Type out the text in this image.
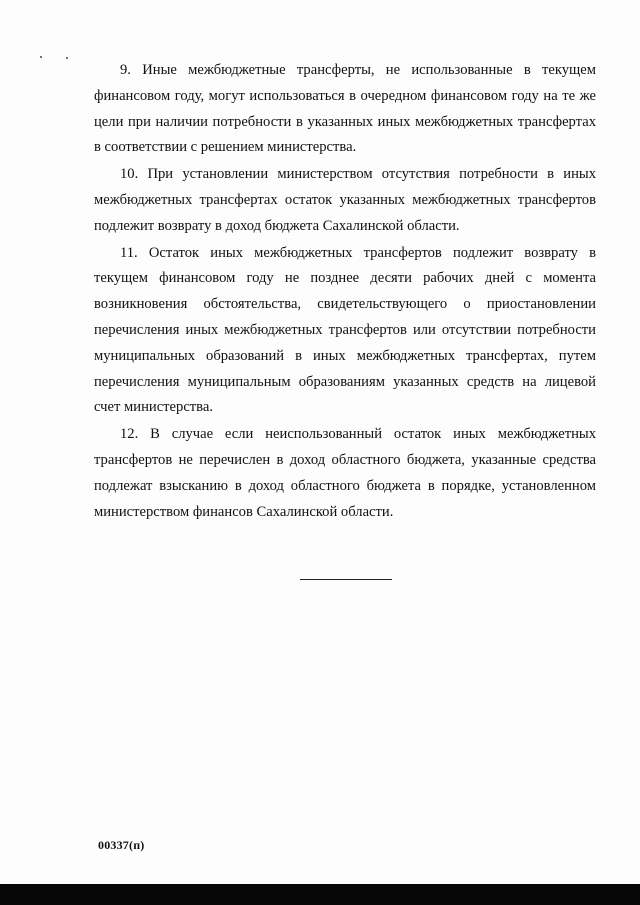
9. Иные межбюджетные трансферты, не использованные в текущем финансовом году, могут использоваться в очередном финансовом году на те же цели при наличии потребности в указанных иных межбюджетных трансфертах в соответствии с решением министерства.

10. При установлении министерством отсутствия потребности в иных межбюджетных трансфертах остаток указанных межбюджетных трансфертов подлежит возврату в доход бюджета Сахалинской области.

11. Остаток иных межбюджетных трансфертов подлежит возврату в текущем финансовом году не позднее десяти рабочих дней с момента возникновения обстоятельства, свидетельствующего о приостановлении перечисления иных межбюджетных трансфертов или отсутствии потребности муниципальных образований в иных межбюджетных трансфертах, путем перечисления муниципальным образованиям указанных средств на лицевой счет министерства.

12. В случае если неиспользованный остаток иных межбюджетных трансфертов не перечислен в доход областного бюджета, указанные средства подлежат взысканию в доход областного бюджета в порядке, установленном министерством финансов Сахалинской области.

00337(п)
